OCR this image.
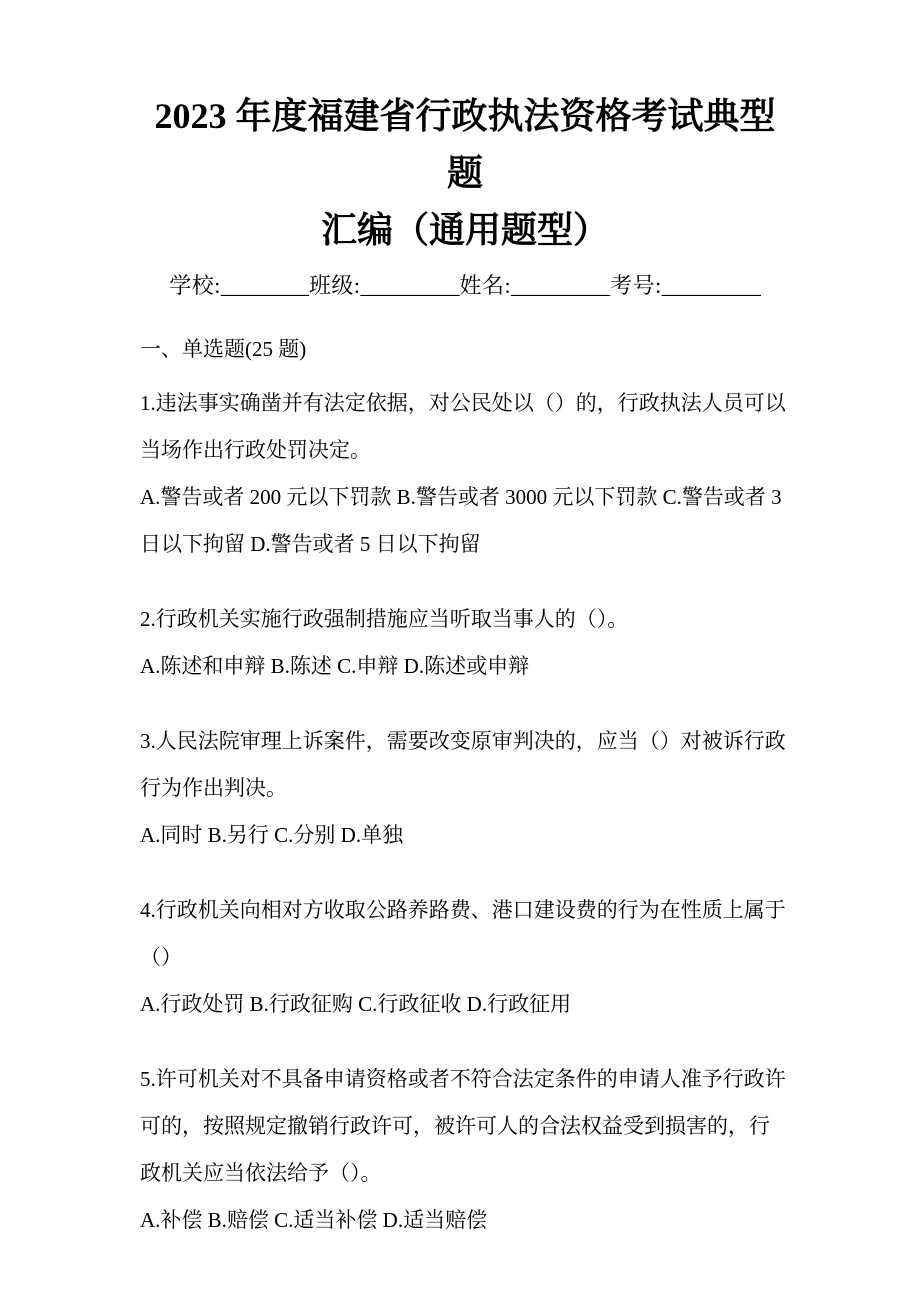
2023 年度福建省行政执法资格考试典型题
汇编（通用题型）
学校:________班级:_________姓名:_________考号:_________
一、单选题(25 题)

1.违法事实确凿并有法定依据，对公民处以（）的，行政执法人员可以当场作出行政处罚决定。

A.警告或者 200 元以下罚款 B.警告或者 3000 元以下罚款 C.警告或者 3 日以下拘留 D.警告或者 5 日以下拘留

2.行政机关实施行政强制措施应当听取当事人的（）。

A.陈述和申辩 B.陈述 C.申辩 D.陈述或申辩

3.人民法院审理上诉案件，需要改变原审判决的，应当（）对被诉行政行为作出判决。

A.同时 B.另行 C.分别 D.单独

4.行政机关向相对方收取公路养路费、港口建设费的行为在性质上属于（）

A.行政处罚 B.行政征购 C.行政征收 D.行政征用

5.许可机关对不具备申请资格或者不符合法定条件的申请人准予行政许可的，按照规定撤销行政许可，被许可人的合法权益受到损害的，行政机关应当依法给予（）。

A.补偿 B.赔偿 C.适当补偿 D.适当赔偿
